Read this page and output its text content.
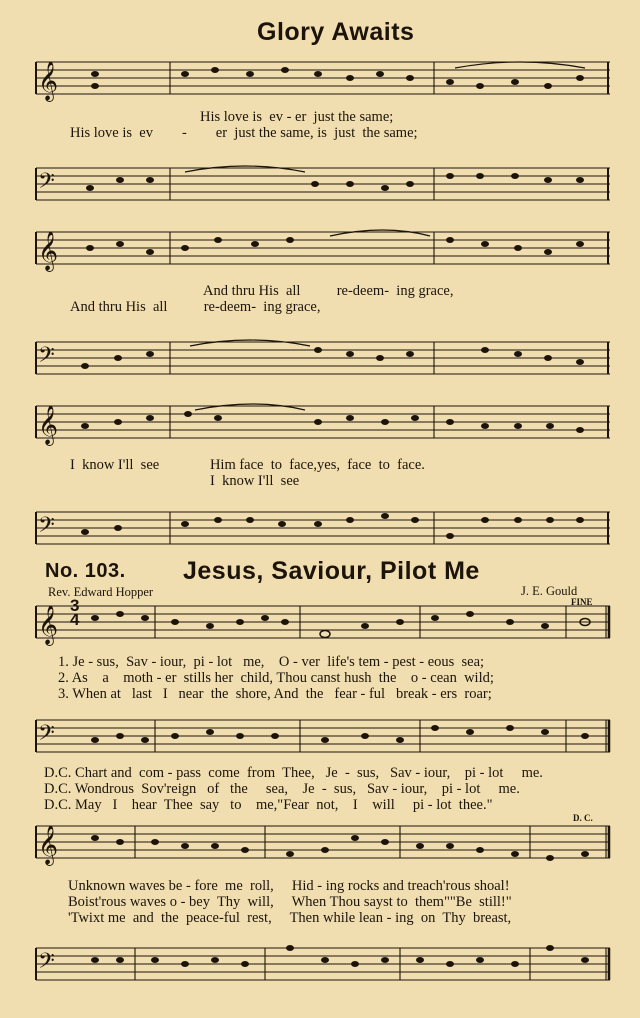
Glory Awaits
𝄞
His love is  ev - er  just the same;
His love is  ev        -        er  just the same, is  just  the same;
𝄢
𝄞
And thru His  all          re-deem-  ing grace,
And thru His  all          re-deem-  ing grace,
𝄢
𝄞
I  know I'll  see              Him face  to  face,yes,  face  to  face.
I  know I'll  see
𝄢
No. 103. Jesus, Saviour, Pilot Me
Rev. Edward Hopper	J. E. Gould
FINE
𝄞
3
4
1. Je - sus,  Sav - iour,  pi - lot   me,    O - ver  life's tem - pest - eous  sea;
2. As    a    moth - er  stills her  child, Thou canst hush  the    o - cean  wild;
3. When at   last   I   near  the  shore, And  the   fear - ful   break - ers  roar;
𝄢
D.C. Chart and  com - pass  come  from  Thee,   Je  -  sus,   Sav - iour,    pi - lot     me.
D.C. Wondrous  Sov'reign   of   the     sea,    Je  -  sus,   Sav - iour,    pi - lot     me.
D.C. May   I    hear  Thee  say   to    me,"Fear  not,    I    will     pi - lot  thee."
D. C.
𝄞
Unknown waves be - fore  me  roll,     Hid - ing rocks and treach'rous shoal!
Boist'rous waves o - bey  Thy  will,     When Thou sayst to  them""Be  still!"
'Twixt me  and  the  peace-ful  rest,     Then while lean - ing  on  Thy  breast,
𝄢
